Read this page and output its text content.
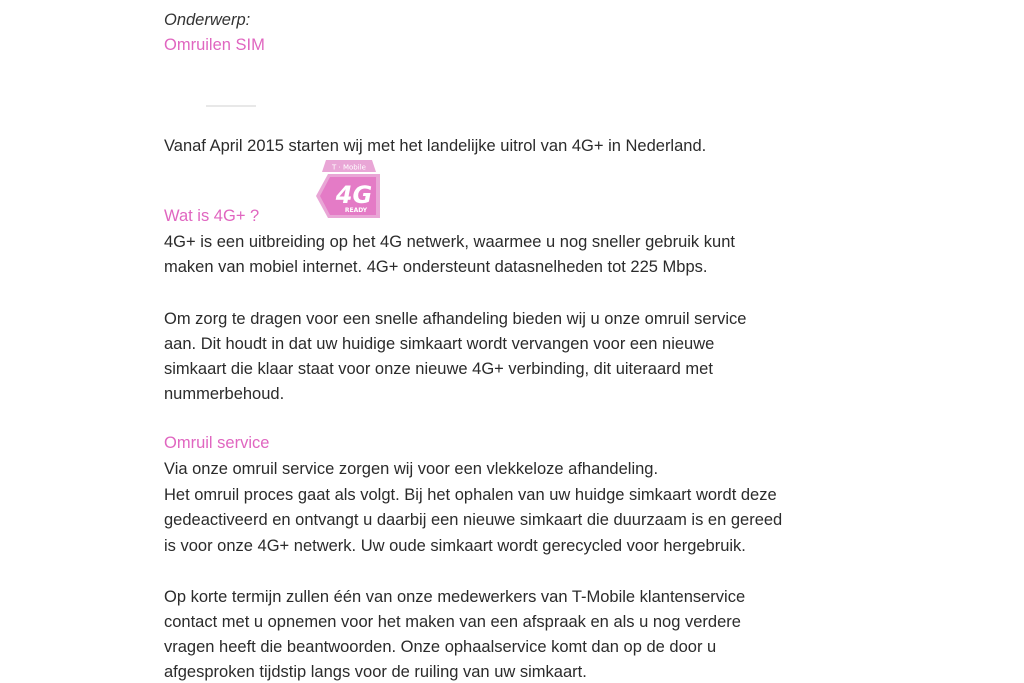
Onderwerp:
Omruilen SIM
Vanaf April 2015 starten wij met het landelijke uitrol van 4G+ in Nederland.
T · Mobile
4G
READY
Wat is 4G+ ?
4G+ is een uitbreiding op het 4G netwerk, waarmee u nog sneller gebruik kunt
maken van mobiel internet. 4G+ ondersteunt datasnelheden tot 225 Mbps.
Om zorg te dragen voor een snelle afhandeling bieden wij u onze omruil service
aan. Dit houdt in dat uw huidige simkaart wordt vervangen voor een nieuwe
simkaart die klaar staat voor onze nieuwe 4G+ verbinding, dit uiteraard met
nummerbehoud.
Omruil service
Via onze omruil service zorgen wij voor een vlekkeloze afhandeling.
Het omruil proces gaat als volgt. Bij het ophalen van uw huidge simkaart wordt deze
gedeactiveerd en ontvangt u daarbij een nieuwe simkaart die duurzaam is en gereed
is voor onze 4G+ netwerk. Uw oude simkaart wordt gerecycled voor hergebruik.
Op korte termijn zullen één van onze medewerkers van T-Mobile klantenservice
contact met u opnemen voor het maken van een afspraak en als u nog verdere
vragen heeft die beantwoorden. Onze ophaalservice komt dan op de door u
afgesproken tijdstip langs voor de ruiling van uw simkaart.
